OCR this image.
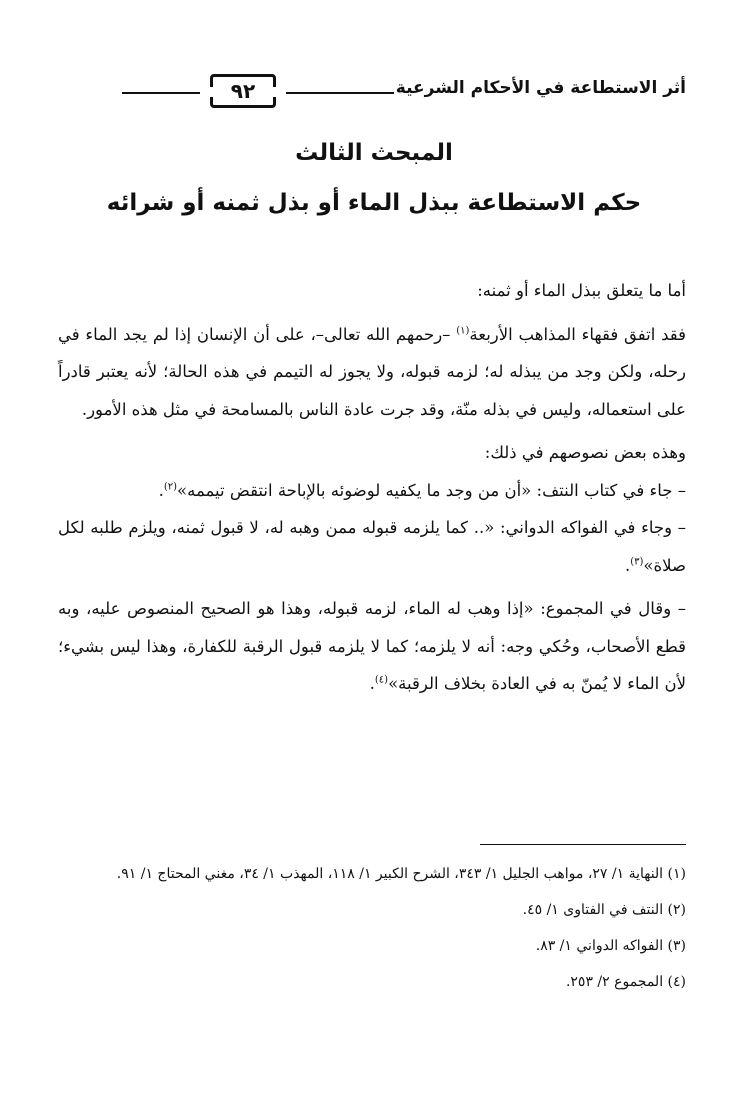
أثر الاستطاعة في الأحكام الشرعية
٩٢
المبحث الثالث
حكم الاستطاعة ببذل الماء أو بذل ثمنه أو شرائه

أما ما يتعلق ببذل الماء أو ثمنه:

فقد اتفق فقهاء المذاهب الأربعة$^{(١)}$ –رحمهم الله تعالى–، على أن الإنسان إذا لم يجد الماء في رحله، ولكن وجد من يبذله له؛ لزمه قبوله، ولا يجوز له التيمم في هذه الحالة؛ لأنه يعتبر قادراً على استعماله، وليس في بذله منّة، وقد جرت عادة الناس بالمسامحة في مثل هذه الأمور.

وهذه بعض نصوصهم في ذلك:

– جاء في كتاب النتف: «أن من وجد ما يكفيه لوضوئه بالإباحة انتقض تيممه»$^{(٢)}$.

– وجاء في الفواكه الدواني: «.. كما يلزمه قبوله ممن وهبه له، لا قبول ثمنه، ويلزم طلبه لكل صلاة»$^{(٣)}$.

– وقال في المجموع: «إذا وهب له الماء، لزمه قبوله، وهذا هو الصحيح المنصوص عليه، وبه قطع الأصحاب، وحُكي وجه: أنه لا يلزمه؛ كما لا يلزمه قبول الرقبة للكفارة، وهذا ليس بشيء؛ لأن الماء لا يُمنّ به في العادة بخلاف الرقبة»$^{(٤)}$.

(١) النهاية ١/ ٢٧، مواهب الجليل ١/ ٣٤٣، الشرح الكبير ١/ ١١٨، المهذب ١/ ٣٤، مغني المحتاج ١/ ٩١.

(٢) النتف في الفتاوى ١/ ٤٥.

(٣) الفواكه الدواني ١/ ٨٣.

(٤) المجموع ٢/ ٢٥٣.
